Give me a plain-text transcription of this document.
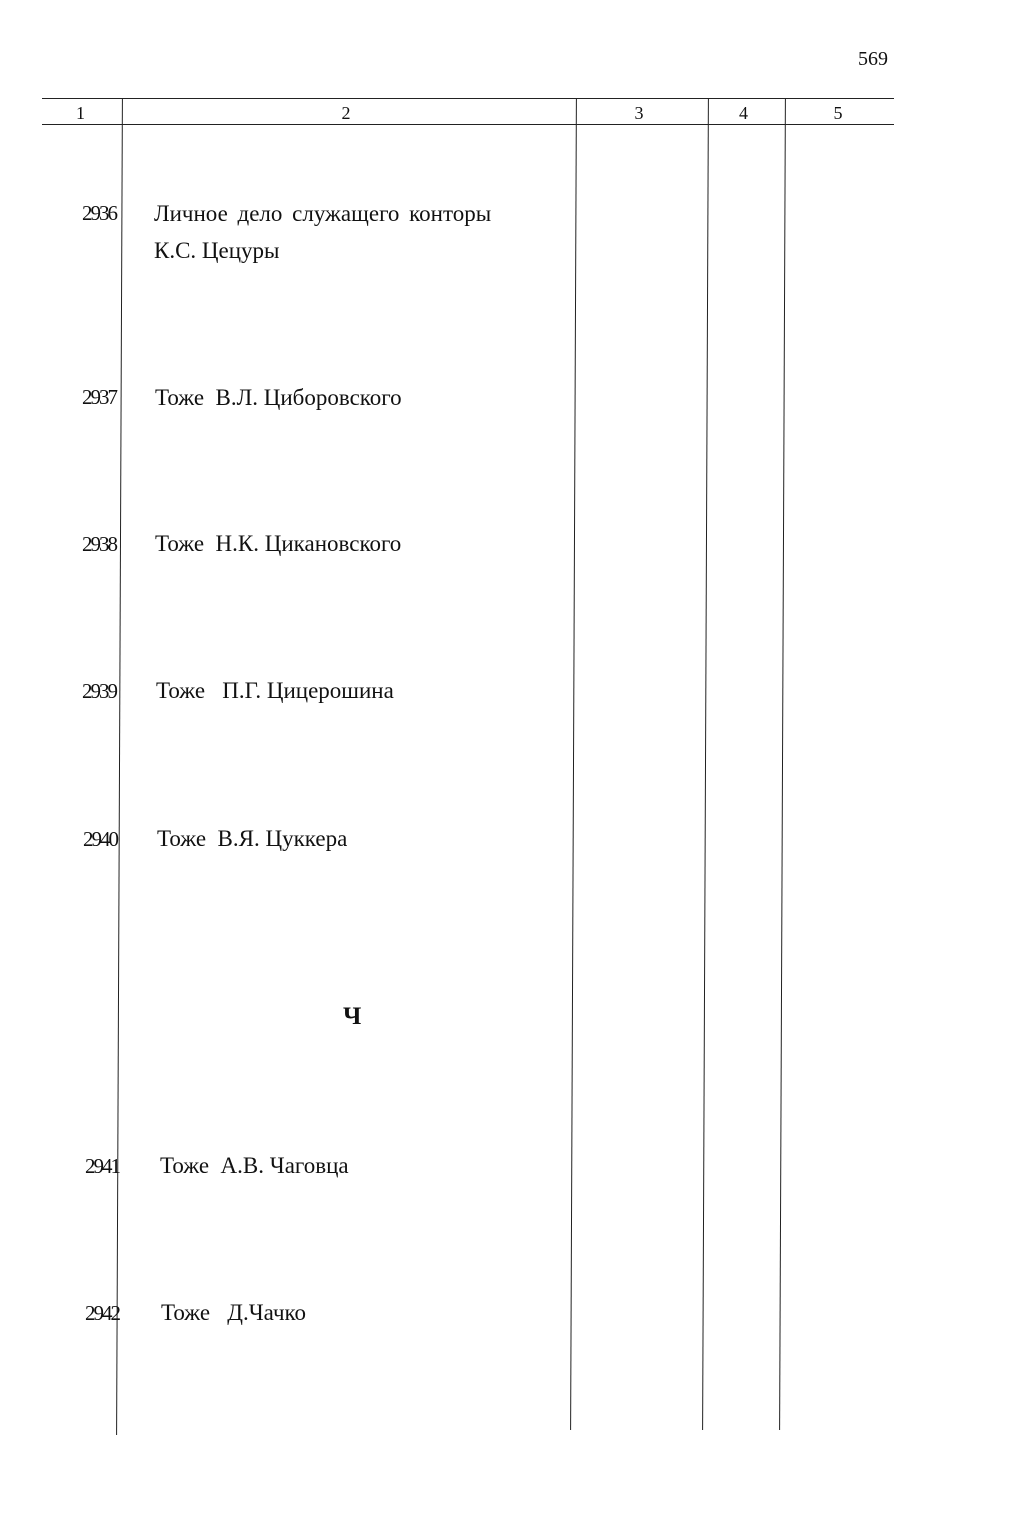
569
1	2	3	4	5
2936 Личное дело служащего конторы
К.С. Цецуры
2937 Тоже  В.Л. Циборовского
2938 Тоже  Н.К. Цикановского
2939 Тоже   П.Г. Цицерошина
2940 Тоже  В.Я. Цуккера
Ч
2941 Тоже  А.В. Чаговца
2942 Тоже   Д.Чачко
